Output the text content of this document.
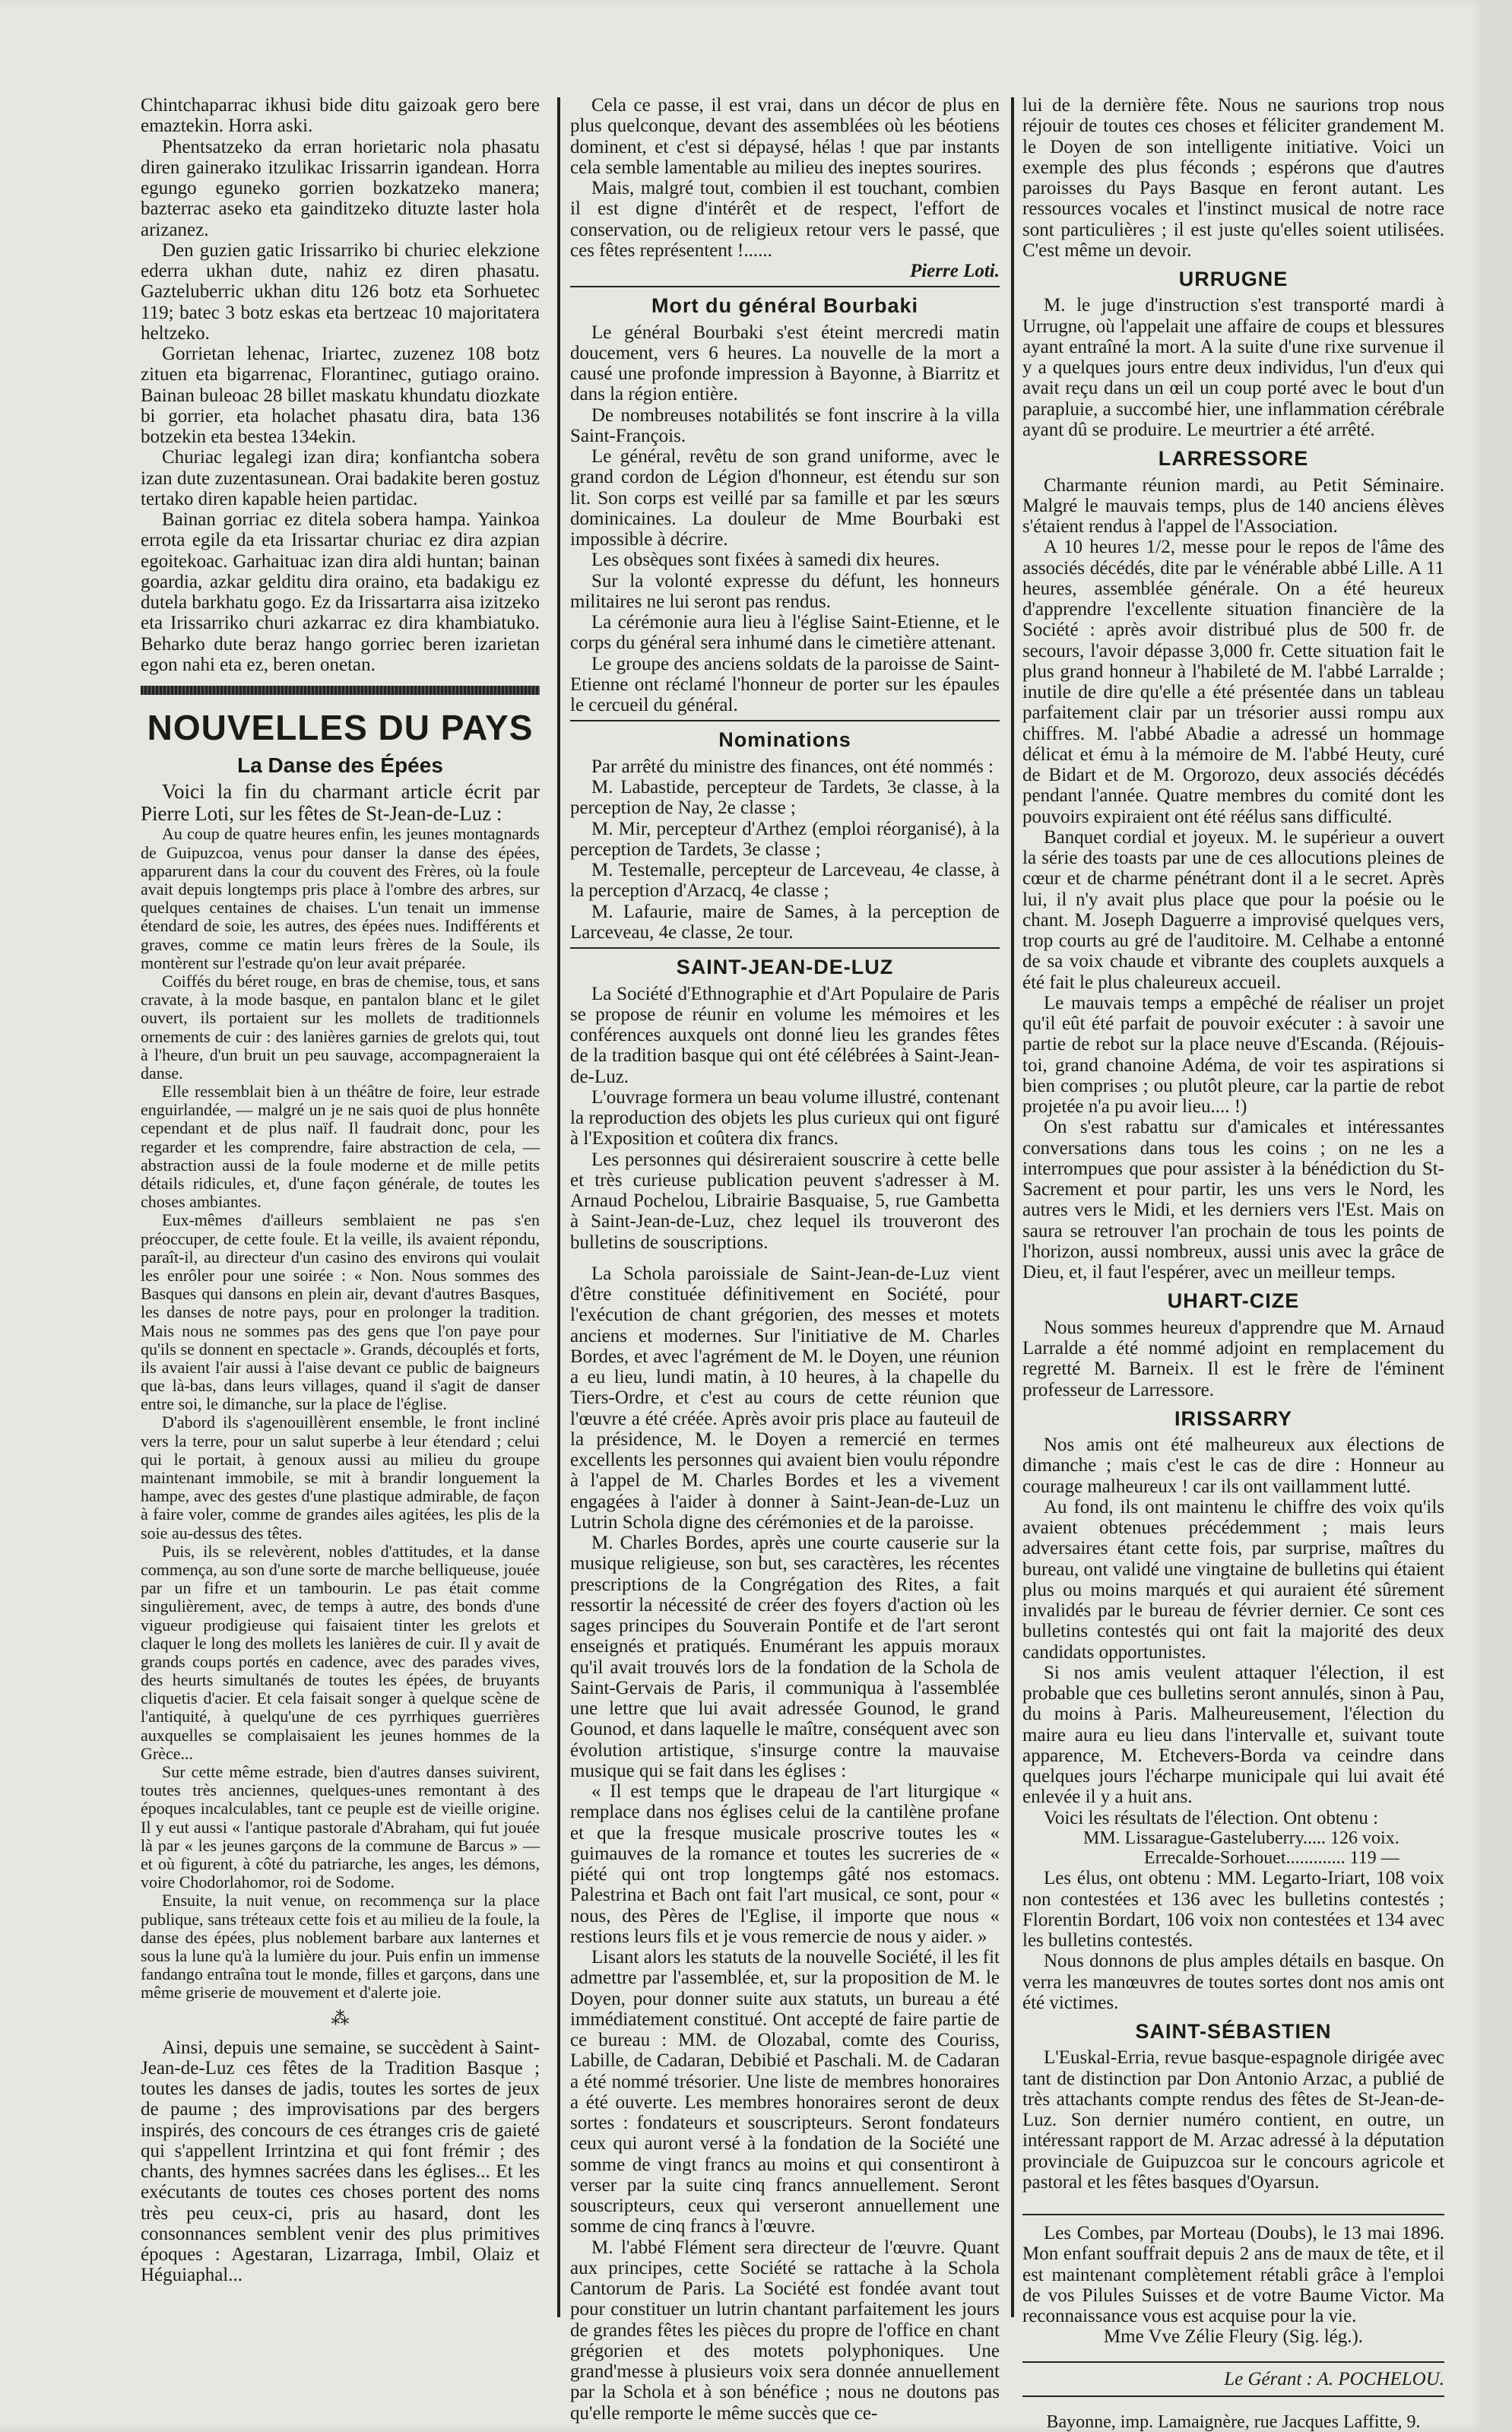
Chintchaparrac ikhusi bide ditu gaizoak gero bere emaztekin. Horra aski.

Phentsatzeko da erran horietaric nola phasatu diren gainerako itzulikac Irissarrin igandean. Horra egungo eguneko gorrien bozkatzeko manera; bazterrac aseko eta gainditzeko dituzte laster hola arizanez.

Den guzien gatic Irissarriko bi churiec elekzione ederra ukhan dute, nahiz ez diren phasatu. Gazteluberric ukhan ditu 126 botz eta Sorhuetec 119; batec 3 botz eskas eta bertzeac 10 majoritatera heltzeko.

Gorrietan lehenac, Iriartec, zuzenez 108 botz zituen eta bigarrenac, Florantinec, gutiago oraino. Bainan buleoac 28 billet maskatu khundatu diozkate bi gorrier, eta holachet phasatu dira, bata 136 botzekin eta bestea 134ekin.

Churiac legalegi izan dira; konfiantcha sobera izan dute zuzentasunean. Orai badakite beren gostuz tertako diren kapable heien partidac.

Bainan gorriac ez ditela sobera hampa. Yainkoa errota egile da eta Irissartar churiac ez dira azpian egoitekoac. Garhaituac izan dira aldi huntan; bainan goardia, azkar gelditu dira oraino, eta badakigu ez dutela barkhatu gogo. Ez da Irissartarra aisa izitzeko eta Irissarriko churi azkarrac ez dira khambiatuko. Beharko dute beraz hango gorriec beren izarietan egon nahi eta ez, beren onetan.

NOUVELLES DU PAYS
La Danse des Épées

Voici la fin du charmant article écrit par Pierre Loti, sur les fêtes de St-Jean-de-Luz :

Au coup de quatre heures enfin, les jeunes montagnards de Guipuzcoa, venus pour danser la danse des épées, apparurent dans la cour du couvent des Frères, où la foule avait depuis longtemps pris place à l'ombre des arbres, sur quelques centaines de chaises. L'un tenait un immense étendard de soie, les autres, des épées nues. Indifférents et graves, comme ce matin leurs frères de la Soule, ils montèrent sur l'estrade qu'on leur avait préparée.

Coiffés du béret rouge, en bras de chemise, tous, et sans cravate, à la mode basque, en pantalon blanc et le gilet ouvert, ils portaient sur les mollets de traditionnels ornements de cuir : des lanières garnies de grelots qui, tout à l'heure, d'un bruit un peu sauvage, accompagneraient la danse.

Elle ressemblait bien à un théâtre de foire, leur estrade enguirlandée, — malgré un je ne sais quoi de plus honnête cependant et de plus naïf. Il faudrait donc, pour les regarder et les comprendre, faire abstraction de cela, — abstraction aussi de la foule moderne et de mille petits détails ridicules, et, d'une façon générale, de toutes les choses ambiantes.

Eux-mêmes d'ailleurs semblaient ne pas s'en préoccuper, de cette foule. Et la veille, ils avaient répondu, paraît-il, au directeur d'un casino des environs qui voulait les enrôler pour une soirée : « Non. Nous sommes des Basques qui dansons en plein air, devant d'autres Basques, les danses de notre pays, pour en prolonger la tradition. Mais nous ne sommes pas des gens que l'on paye pour qu'ils se donnent en spectacle ». Grands, découplés et forts, ils avaient l'air aussi à l'aise devant ce public de baigneurs que là-bas, dans leurs villages, quand il s'agit de danser entre soi, le dimanche, sur la place de l'église.

D'abord ils s'agenouillèrent ensemble, le front incliné vers la terre, pour un salut superbe à leur étendard ; celui qui le portait, à genoux aussi au milieu du groupe maintenant immobile, se mit à brandir longuement la hampe, avec des gestes d'une plastique admirable, de façon à faire voler, comme de grandes ailes agitées, les plis de la soie au-dessus des têtes.

Puis, ils se relevèrent, nobles d'attitudes, et la danse commença, au son d'une sorte de marche belliqueuse, jouée par un fifre et un tambourin. Le pas était comme singulièrement, avec, de temps à autre, des bonds d'une vigueur prodigieuse qui faisaient tinter les grelots et claquer le long des mollets les lanières de cuir. Il y avait de grands coups portés en cadence, avec des parades vives, des heurts simultanés de toutes les épées, de bruyants cliquetis d'acier. Et cela faisait songer à quelque scène de l'antiquité, à quelqu'une de ces pyrrhiques guerrières auxquelles se complaisaient les jeunes hommes de la Grèce...

Sur cette même estrade, bien d'autres danses suivirent, toutes très anciennes, quelques-unes remontant à des époques incalculables, tant ce peuple est de vieille origine. Il y eut aussi « l'antique pastorale d'Abraham, qui fut jouée là par « les jeunes garçons de la commune de Barcus » — et où figurent, à côté du patriarche, les anges, les démons, voire Chodorlahomor, roi de Sodome.

Ensuite, la nuit venue, on recommença sur la place publique, sans tréteaux cette fois et au milieu de la foule, la danse des épées, plus noblement barbare aux lanternes et sous la lune qu'à la lumière du jour. Puis enfin un immense fandango entraîna tout le monde, filles et garçons, dans une même griserie de mouvement et d'alerte joie.

⁂

Ainsi, depuis une semaine, se succèdent à Saint-Jean-de-Luz ces fêtes de la Tradition Basque ; toutes les danses de jadis, toutes les sortes de jeux de paume ; des improvisations par des bergers inspirés, des concours de ces étranges cris de gaieté qui s'appellent Irrintzina et qui font frémir ; des chants, des hymnes sacrées dans les églises... Et les exécutants de toutes ces choses portent des noms très peu ceux-ci, pris au hasard, dont les consonnances semblent venir des plus primitives époques : Agestaran, Lizarraga, Imbil, Olaiz et Héguiaphal...

Cela ce passe, il est vrai, dans un décor de plus en plus quelconque, devant des assemblées où les béotiens dominent, et c'est si dépaysé, hélas ! que par instants cela semble lamentable au milieu des ineptes sourires.

Mais, malgré tout, combien il est touchant, combien il est digne d'intérêt et de respect, l'effort de conservation, ou de religieux retour vers le passé, que ces fêtes représentent !......

Pierre Loti.

Mort du général Bourbaki

Le général Bourbaki s'est éteint mercredi matin doucement, vers 6 heures. La nouvelle de la mort a causé une profonde impression à Bayonne, à Biarritz et dans la région entière.

De nombreuses notabilités se font inscrire à la villa Saint-François.

Le général, revêtu de son grand uniforme, avec le grand cordon de Légion d'honneur, est étendu sur son lit. Son corps est veillé par sa famille et par les sœurs dominicaines. La douleur de Mme Bourbaki est impossible à décrire.

Les obsèques sont fixées à samedi dix heures.

Sur la volonté expresse du défunt, les honneurs militaires ne lui seront pas rendus.

La cérémonie aura lieu à l'église Saint-Etienne, et le corps du général sera inhumé dans le cimetière attenant.

Le groupe des anciens soldats de la paroisse de Saint-Etienne ont réclamé l'honneur de porter sur les épaules le cercueil du général.

Nominations

Par arrêté du ministre des finances, ont été nommés :

M. Labastide, percepteur de Tardets, 3e classe, à la perception de Nay, 2e classe ;

M. Mir, percepteur d'Arthez (emploi réorganisé), à la perception de Tardets, 3e classe ;

M. Testemalle, percepteur de Larceveau, 4e classe, à la perception d'Arzacq, 4e classe ;

M. Lafaurie, maire de Sames, à la perception de Larceveau, 4e classe, 2e tour.

SAINT-JEAN-DE-LUZ

La Société d'Ethnographie et d'Art Populaire de Paris se propose de réunir en volume les mémoires et les conférences auxquels ont donné lieu les grandes fêtes de la tradition basque qui ont été célébrées à Saint-Jean-de-Luz.

L'ouvrage formera un beau volume illustré, contenant la reproduction des objets les plus curieux qui ont figuré à l'Exposition et coûtera dix francs.

Les personnes qui désireraient souscrire à cette belle et très curieuse publication peuvent s'adresser à M. Arnaud Pochelou, Librairie Basquaise, 5, rue Gambetta à Saint-Jean-de-Luz, chez lequel ils trouveront des bulletins de souscriptions.

La Schola paroissiale de Saint-Jean-de-Luz vient d'être constituée définitivement en Société, pour l'exécution de chant grégorien, des messes et motets anciens et modernes. Sur l'initiative de M. Charles Bordes, et avec l'agrément de M. le Doyen, une réunion a eu lieu, lundi matin, à 10 heures, à la chapelle du Tiers-Ordre, et c'est au cours de cette réunion que l'œuvre a été créée. Après avoir pris place au fauteuil de la présidence, M. le Doyen a remercié en termes excellents les personnes qui avaient bien voulu répondre à l'appel de M. Charles Bordes et les a vivement engagées à l'aider à donner à Saint-Jean-de-Luz un Lutrin Schola digne des cérémonies et de la paroisse.

M. Charles Bordes, après une courte causerie sur la musique religieuse, son but, ses caractères, les récentes prescriptions de la Congrégation des Rites, a fait ressortir la nécessité de créer des foyers d'action où les sages principes du Souverain Pontife et de l'art seront enseignés et pratiqués. Enumérant les appuis moraux qu'il avait trouvés lors de la fondation de la Schola de Saint-Gervais de Paris, il communiqua à l'assemblée une lettre que lui avait adressée Gounod, le grand Gounod, et dans laquelle le maître, conséquent avec son évolution artistique, s'insurge contre la mauvaise musique qui se fait dans les églises :

« Il est temps que le drapeau de l'art liturgique « remplace dans nos églises celui de la cantilène profane et que la fresque musicale proscrive toutes les « guimauves de la romance et toutes les sucreries de « piété qui ont trop longtemps gâté nos estomacs. Palestrina et Bach ont fait l'art musical, ce sont, pour « nous, des Pères de l'Eglise, il importe que nous « restions leurs fils et je vous remercie de nous y aider. »

Lisant alors les statuts de la nouvelle Société, il les fit admettre par l'assemblée, et, sur la proposition de M. le Doyen, pour donner suite aux statuts, un bureau a été immédiatement constitué. Ont accepté de faire partie de ce bureau : MM. de Olozabal, comte des Couriss, Labille, de Cadaran, Debibié et Paschali. M. de Cadaran a été nommé trésorier. Une liste de membres honoraires a été ouverte. Les membres honoraires seront de deux sortes : fondateurs et souscripteurs. Seront fondateurs ceux qui auront versé à la fondation de la Société une somme de vingt francs au moins et qui consentiront à verser par la suite cinq francs annuellement. Seront souscripteurs, ceux qui verseront annuellement une somme de cinq francs à l'œuvre.

M. l'abbé Flément sera directeur de l'œuvre. Quant aux principes, cette Société se rattache à la Schola Cantorum de Paris. La Société est fondée avant tout pour constituer un lutrin chantant parfaitement les jours de grandes fêtes les pièces du propre de l'office en chant grégorien et des motets polyphoniques. Une grand'messe à plusieurs voix sera donnée annuellement par la Schola et à son bénéfice ; nous ne doutons pas qu'elle remporte le même succès que ce-

lui de la dernière fête. Nous ne saurions trop nous réjouir de toutes ces choses et féliciter grandement M. le Doyen de son intelligente initiative. Voici un exemple des plus féconds ; espérons que d'autres paroisses du Pays Basque en feront autant. Les ressources vocales et l'instinct musical de notre race sont particulières ; il est juste qu'elles soient utilisées. C'est même un devoir.

URRUGNE

M. le juge d'instruction s'est transporté mardi à Urrugne, où l'appelait une affaire de coups et blessures ayant entraîné la mort. A la suite d'une rixe survenue il y a quelques jours entre deux individus, l'un d'eux qui avait reçu dans un œil un coup porté avec le bout d'un parapluie, a succombé hier, une inflammation cérébrale ayant dû se produire. Le meurtrier a été arrêté.

LARRESSORE

Charmante réunion mardi, au Petit Séminaire. Malgré le mauvais temps, plus de 140 anciens élèves s'étaient rendus à l'appel de l'Association.

A 10 heures 1/2, messe pour le repos de l'âme des associés décédés, dite par le vénérable abbé Lille. A 11 heures, assemblée générale. On a été heureux d'apprendre l'excellente situation financière de la Société : après avoir distribué plus de 500 fr. de secours, l'avoir dépasse 3,000 fr. Cette situation fait le plus grand honneur à l'habileté de M. l'abbé Larralde ; inutile de dire qu'elle a été présentée dans un tableau parfaitement clair par un trésorier aussi rompu aux chiffres. M. l'abbé Abadie a adressé un hommage délicat et ému à la mémoire de M. l'abbé Heuty, curé de Bidart et de M. Orgorozo, deux associés décédés pendant l'année. Quatre membres du comité dont les pouvoirs expiraient ont été réélus sans difficulté.

Banquet cordial et joyeux. M. le supérieur a ouvert la série des toasts par une de ces allocutions pleines de cœur et de charme pénétrant dont il a le secret. Après lui, il n'y avait plus place que pour la poésie ou le chant. M. Joseph Daguerre a improvisé quelques vers, trop courts au gré de l'auditoire. M. Celhabe a entonné de sa voix chaude et vibrante des couplets auxquels a été fait le plus chaleureux accueil.

Le mauvais temps a empêché de réaliser un projet qu'il eût été parfait de pouvoir exécuter : à savoir une partie de rebot sur la place neuve d'Escanda. (Réjouis-toi, grand chanoine Adéma, de voir tes aspirations si bien comprises ; ou plutôt pleure, car la partie de rebot projetée n'a pu avoir lieu.... !)

On s'est rabattu sur d'amicales et intéressantes conversations dans tous les coins ; on ne les a interrompues que pour assister à la bénédiction du St-Sacrement et pour partir, les uns vers le Nord, les autres vers le Midi, et les derniers vers l'Est. Mais on saura se retrouver l'an prochain de tous les points de l'horizon, aussi nombreux, aussi unis avec la grâce de Dieu, et, il faut l'espérer, avec un meilleur temps.

UHART-CIZE

Nous sommes heureux d'apprendre que M. Arnaud Larralde a été nommé adjoint en remplacement du regretté M. Barneix. Il est le frère de l'éminent professeur de Larressore.

IRISSARRY

Nos amis ont été malheureux aux élections de dimanche ; mais c'est le cas de dire : Honneur au courage malheureux ! car ils ont vaillamment lutté.

Au fond, ils ont maintenu le chiffre des voix qu'ils avaient obtenues précédemment ; mais leurs adversaires étant cette fois, par surprise, maîtres du bureau, ont validé une vingtaine de bulletins qui étaient plus ou moins marqués et qui auraient été sûrement invalidés par le bureau de février dernier. Ce sont ces bulletins contestés qui ont fait la majorité des deux candidats opportunistes.

Si nos amis veulent attaquer l'élection, il est probable que ces bulletins seront annulés, sinon à Pau, du moins à Paris. Malheureusement, l'élection du maire aura eu lieu dans l'intervalle et, suivant toute apparence, M. Etchevers-Borda va ceindre dans quelques jours l'écharpe municipale qui lui avait été enlevée il y a huit ans.

Voici les résultats de l'élection. Ont obtenu :

MM. Lissarague-Gasteluberry..... 126 voix.
Errecalde-Sorhouet............. 119 —

Les élus, ont obtenu : MM. Legarto-Iriart, 108 voix non contestées et 136 avec les bulletins contestés ; Florentin Bordart, 106 voix non contestées et 134 avec les bulletins contestés.

Nous donnons de plus amples détails en basque. On verra les manœuvres de toutes sortes dont nos amis ont été victimes.

SAINT-SÉBASTIEN

L'Euskal-Erria, revue basque-espagnole dirigée avec tant de distinction par Don Antonio Arzac, a publié de très attachants compte rendus des fêtes de St-Jean-de-Luz. Son dernier numéro contient, en outre, un intéressant rapport de M. Arzac adressé à la députation provinciale de Guipuzcoa sur le concours agricole et pastoral et les fêtes basques d'Oyarsun.

Les Combes, par Morteau (Doubs), le 13 mai 1896. Mon enfant souffrait depuis 2 ans de maux de tête, et il est maintenant complètement rétabli grâce à l'emploi de vos Pilules Suisses et de votre Baume Victor. Ma reconnaissance vous est acquise pour la vie.

Mme Vve Zélie Fleury (Sig. lég.).

Le Gérant : A. POCHELOU.
Bayonne, imp. Lamaignère, rue Jacques Laffitte, 9.
